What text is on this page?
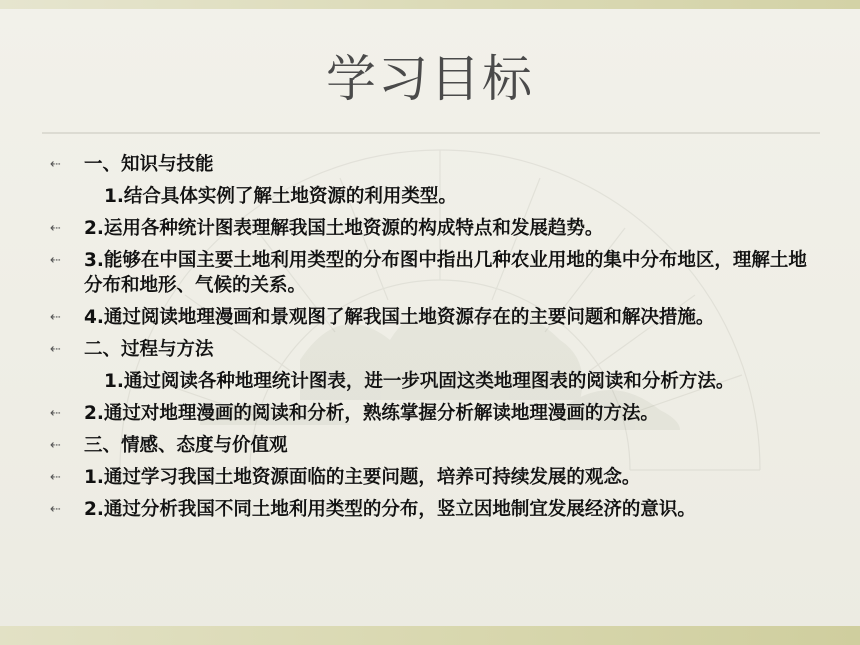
学习目标
⇠ 一、知识与技能
1.结合具体实例了解土地资源的利用类型。
⇠ 2.运用各种统计图表理解我国土地资源的构成特点和发展趋势。
⇠ 3.能够在中国主要土地利用类型的分布图中指出几种农业用地的集中分布地区，理解土地分布和地形、气候的关系。
⇠ 4.通过阅读地理漫画和景观图了解我国土地资源存在的主要问题和解决措施。
⇠ 二、过程与方法
1.通过阅读各种地理统计图表，进一步巩固这类地理图表的阅读和分析方法。
⇠ 2.通过对地理漫画的阅读和分析，熟练掌握分析解读地理漫画的方法。
⇠ 三、情感、态度与价值观
⇠ 1.通过学习我国土地资源面临的主要问题，培养可持续发展的观念。
⇠ 2.通过分析我国不同土地利用类型的分布，竖立因地制宜发展经济的意识。
